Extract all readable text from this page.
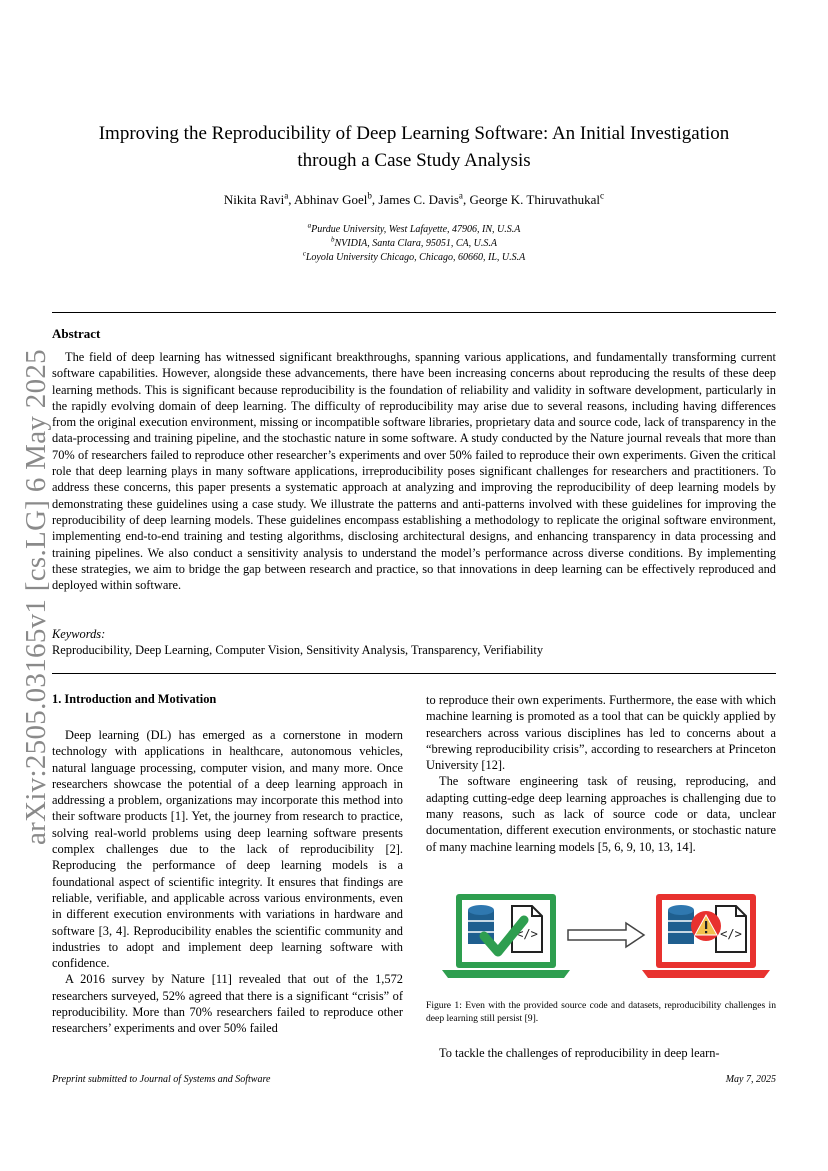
arXiv:2505.03165v1 [cs.LG] 6 May 2025
Improving the Reproducibility of Deep Learning Software: An Initial Investigation
through a Case Study Analysis
Nikita Ravi$^a$, Abhinav Goel$^b$, James C. Davis$^a$, George K. Thiruvathukal$^c$
$^a$Purdue University, West Lafayette, 47906, IN, U.S.A
$^b$NVIDIA, Santa Clara, 95051, CA, U.S.A
$^c$Loyola University Chicago, Chicago, 60660, IL, U.S.A
Abstract

The field of deep learning has witnessed significant breakthroughs, spanning various applications, and fundamentally transforming current software capabilities. However, alongside these advancements, there have been increasing concerns about reproducing the results of these deep learning methods. This is significant because reproducibility is the foundation of reliability and validity in software development, particularly in the rapidly evolving domain of deep learning. The difficulty of reproducibility may arise due to several reasons, including having differences from the original execution environment, missing or incompatible software libraries, proprietary data and source code, lack of transparency in the data-processing and training pipeline, and the stochastic nature in some software. A study conducted by the Nature journal reveals that more than 70% of researchers failed to reproduce other researcher’s experiments and over 50% failed to reproduce their own experiments. Given the critical role that deep learning plays in many software applications, irreproducibility poses significant challenges for researchers and practitioners. To address these concerns, this paper presents a systematic approach at analyzing and improving the reproducibility of deep learning models by demonstrating these guidelines using a case study. We illustrate the patterns and anti-patterns involved with these guidelines for improving the reproducibility of deep learning models. These guidelines encompass establishing a methodology to replicate the original software environment, implementing end-to-end training and testing algorithms, disclosing architectural designs, and enhancing transparency in data processing and training pipelines. We also conduct a sensitivity analysis to understand the model’s performance across diverse conditions. By implementing these strategies, we aim to bridge the gap between research and practice, so that innovations in deep learning can be effectively reproduced and deployed within software.

Keywords:
Reproducibility, Deep Learning, Computer Vision, Sensitivity Analysis, Transparency, Verifiability
1. Introduction and Motivation

Deep learning (DL) has emerged as a cornerstone in modern technology with applications in healthcare, autonomous vehicles, natural language processing, computer vision, and many more. Once researchers showcase the potential of a deep learning approach in addressing a problem, organizations may incorporate this method into their software products [1]. Yet, the journey from research to practice, solving real-world problems using deep learning software presents complex challenges due to the lack of reproducibility [2]. Reproducing the performance of deep learning models is a foundational aspect of scientific integrity. It ensures that findings are reliable, verifiable, and applicable across various environments, even in different execution environments with variations in hardware and software [3, 4]. Reproducibility enables the scientific community and industries to adopt and implement deep learning software with confidence.

A 2016 survey by Nature [11] revealed that out of the 1,572 researchers surveyed, 52% agreed that there is a significant “crisis” of reproducibility. More than 70% researchers failed to reproduce other researchers’ experiments and over 50% failed

to reproduce their own experiments. Furthermore, the ease with which machine learning is promoted as a tool that can be quickly applied by researchers across various disciplines has led to concerns about a “brewing reproducibility crisis”, according to researchers at Princeton University [12].

The software engineering task of reusing, reproducing, and adapting cutting-edge deep learning approaches is challenging due to many reasons, such as lack of source code or data, unclear documentation, different execution environments, or stochastic nature of many machine learning models [5, 6, 9, 10, 13, 14].

</>	</>
Figure 1: Even with the provided source code and datasets, reproducibility challenges in deep learning still persist [9].
To tackle the challenges of reproducibility in deep learn-
Preprint submitted to Journal of Systems and Software	May 7, 2025
